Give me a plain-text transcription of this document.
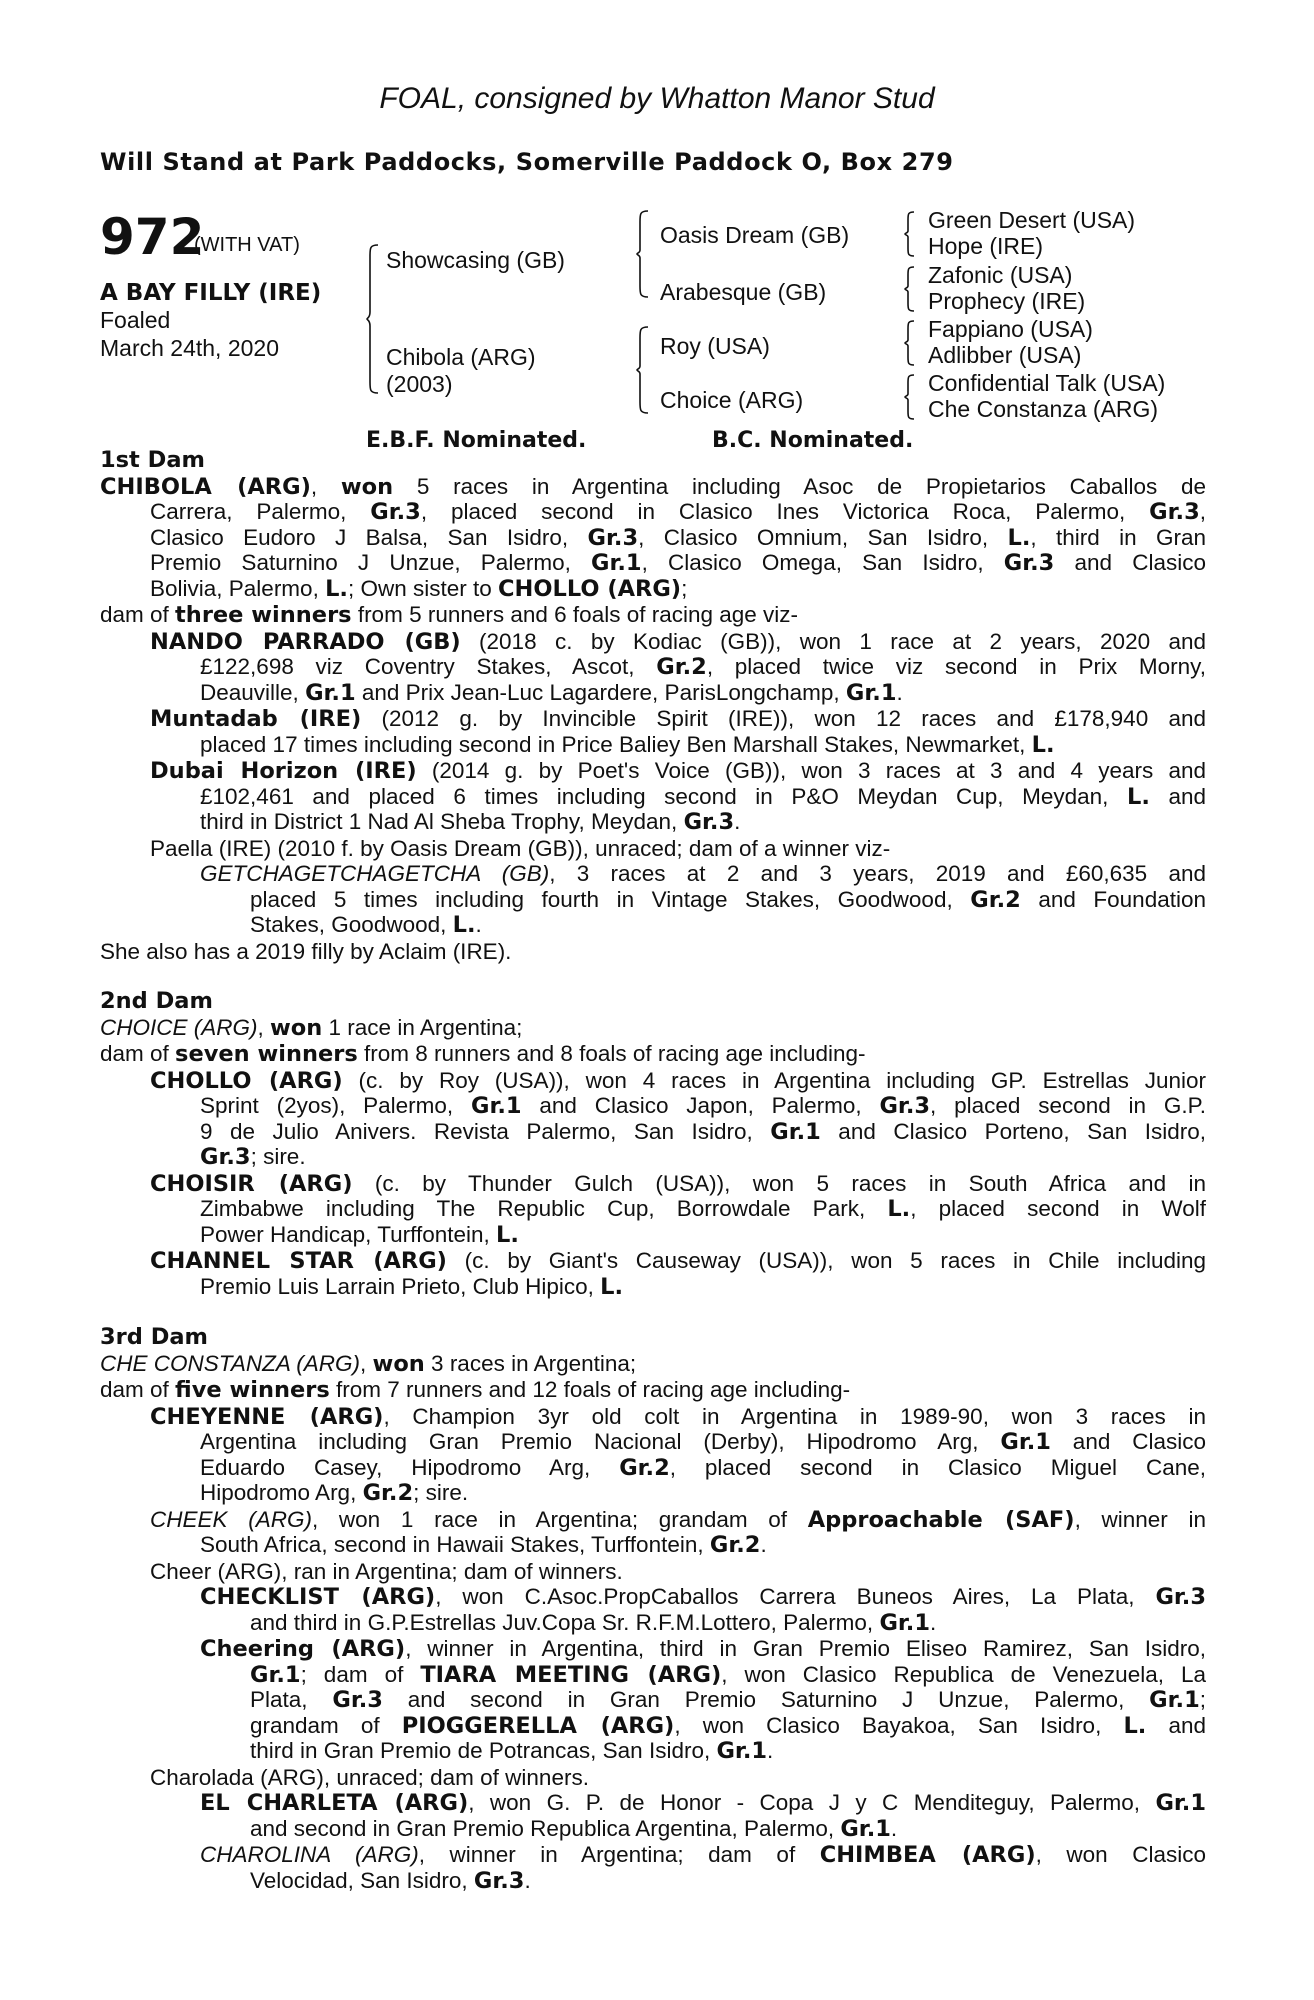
FOAL, consigned by Whatton Manor Stud
Will Stand at Park Paddocks, Somerville Paddock O, Box 279
972
(WITH VAT)
A BAY FILLY (IRE)
Foaled
March 24th, 2020
Showcasing (GB)
Chibola (ARG)
(2003)
Oasis Dream (GB)
Arabesque (GB)
Roy (USA)
Choice (ARG)
Green Desert (USA)
Hope (IRE)
Zafonic (USA)
Prophecy (IRE)
Fappiano (USA)
Adlibber (USA)
Confidential Talk (USA)
Che Constanza (ARG)
E.B.F. Nominated.	B.C. Nominated.
1st Dam
CHIBOLA (ARG), won 5 races in Argentina including Asoc de Propietarios Caballos de
Carrera, Palermo, Gr.3, placed second in Clasico Ines Victorica Roca, Palermo, Gr.3,
Clasico Eudoro J Balsa, San Isidro, Gr.3, Clasico Omnium, San Isidro, L., third in Gran
Premio Saturnino J Unzue, Palermo, Gr.1, Clasico Omega, San Isidro, Gr.3 and Clasico
Bolivia, Palermo, L.; Own sister to CHOLLO (ARG);
dam of three winners from 5 runners and 6 foals of racing age viz-
NANDO PARRADO (GB) (2018 c. by Kodiac (GB)), won 1 race at 2 years, 2020 and
£122,698 viz Coventry Stakes, Ascot, Gr.2, placed twice viz second in Prix Morny,
Deauville, Gr.1 and Prix Jean-Luc Lagardere, ParisLongchamp, Gr.1.
Muntadab (IRE) (2012 g. by Invincible Spirit (IRE)), won 12 races and £178,940 and
placed 17 times including second in Price Baliey Ben Marshall Stakes, Newmarket, L.
Dubai Horizon (IRE) (2014 g. by Poet's Voice (GB)), won 3 races at 3 and 4 years and
£102,461 and placed 6 times including second in P&O Meydan Cup, Meydan, L. and
third in District 1 Nad Al Sheba Trophy, Meydan, Gr.3.
Paella (IRE) (2010 f. by Oasis Dream (GB)), unraced; dam of a winner viz-
GETCHAGETCHAGETCHA (GB), 3 races at 2 and 3 years, 2019 and £60,635 and
placed 5 times including fourth in Vintage Stakes, Goodwood, Gr.2 and Foundation
Stakes, Goodwood, L..
She also has a 2019 filly by Aclaim (IRE).
2nd Dam
CHOICE (ARG), won 1 race in Argentina;
dam of seven winners from 8 runners and 8 foals of racing age including-
CHOLLO (ARG) (c. by Roy (USA)), won 4 races in Argentina including GP. Estrellas Junior
Sprint (2yos), Palermo, Gr.1 and Clasico Japon, Palermo, Gr.3, placed second in G.P.
9 de Julio Anivers. Revista Palermo, San Isidro, Gr.1 and Clasico Porteno, San Isidro,
Gr.3; sire.
CHOISIR (ARG) (c. by Thunder Gulch (USA)), won 5 races in South Africa and in
Zimbabwe including The Republic Cup, Borrowdale Park, L., placed second in Wolf
Power Handicap, Turffontein, L.
CHANNEL STAR (ARG) (c. by Giant's Causeway (USA)), won 5 races in Chile including
Premio Luis Larrain Prieto, Club Hipico, L.
3rd Dam
CHE CONSTANZA (ARG), won 3 races in Argentina;
dam of five winners from 7 runners and 12 foals of racing age including-
CHEYENNE (ARG), Champion 3yr old colt in Argentina in 1989-90, won 3 races in
Argentina including Gran Premio Nacional (Derby), Hipodromo Arg, Gr.1 and Clasico
Eduardo Casey, Hipodromo Arg, Gr.2, placed second in Clasico Miguel Cane,
Hipodromo Arg, Gr.2; sire.
CHEEK (ARG), won 1 race in Argentina; grandam of Approachable (SAF), winner in
South Africa, second in Hawaii Stakes, Turffontein, Gr.2.
Cheer (ARG), ran in Argentina; dam of winners.
CHECKLIST (ARG), won C.Asoc.PropCaballos Carrera Buneos Aires, La Plata, Gr.3
and third in G.P.Estrellas Juv.Copa Sr. R.F.M.Lottero, Palermo, Gr.1.
Cheering (ARG), winner in Argentina, third in Gran Premio Eliseo Ramirez, San Isidro,
Gr.1; dam of TIARA MEETING (ARG), won Clasico Republica de Venezuela, La
Plata, Gr.3 and second in Gran Premio Saturnino J Unzue, Palermo, Gr.1;
grandam of PIOGGERELLA (ARG), won Clasico Bayakoa, San Isidro, L. and
third in Gran Premio de Potrancas, San Isidro, Gr.1.
Charolada (ARG), unraced; dam of winners.
EL CHARLETA (ARG), won G. P. de Honor - Copa J y C Menditeguy, Palermo, Gr.1
and second in Gran Premio Republica Argentina, Palermo, Gr.1.
CHAROLINA (ARG), winner in Argentina; dam of CHIMBEA (ARG), won Clasico
Velocidad, San Isidro, Gr.3.
